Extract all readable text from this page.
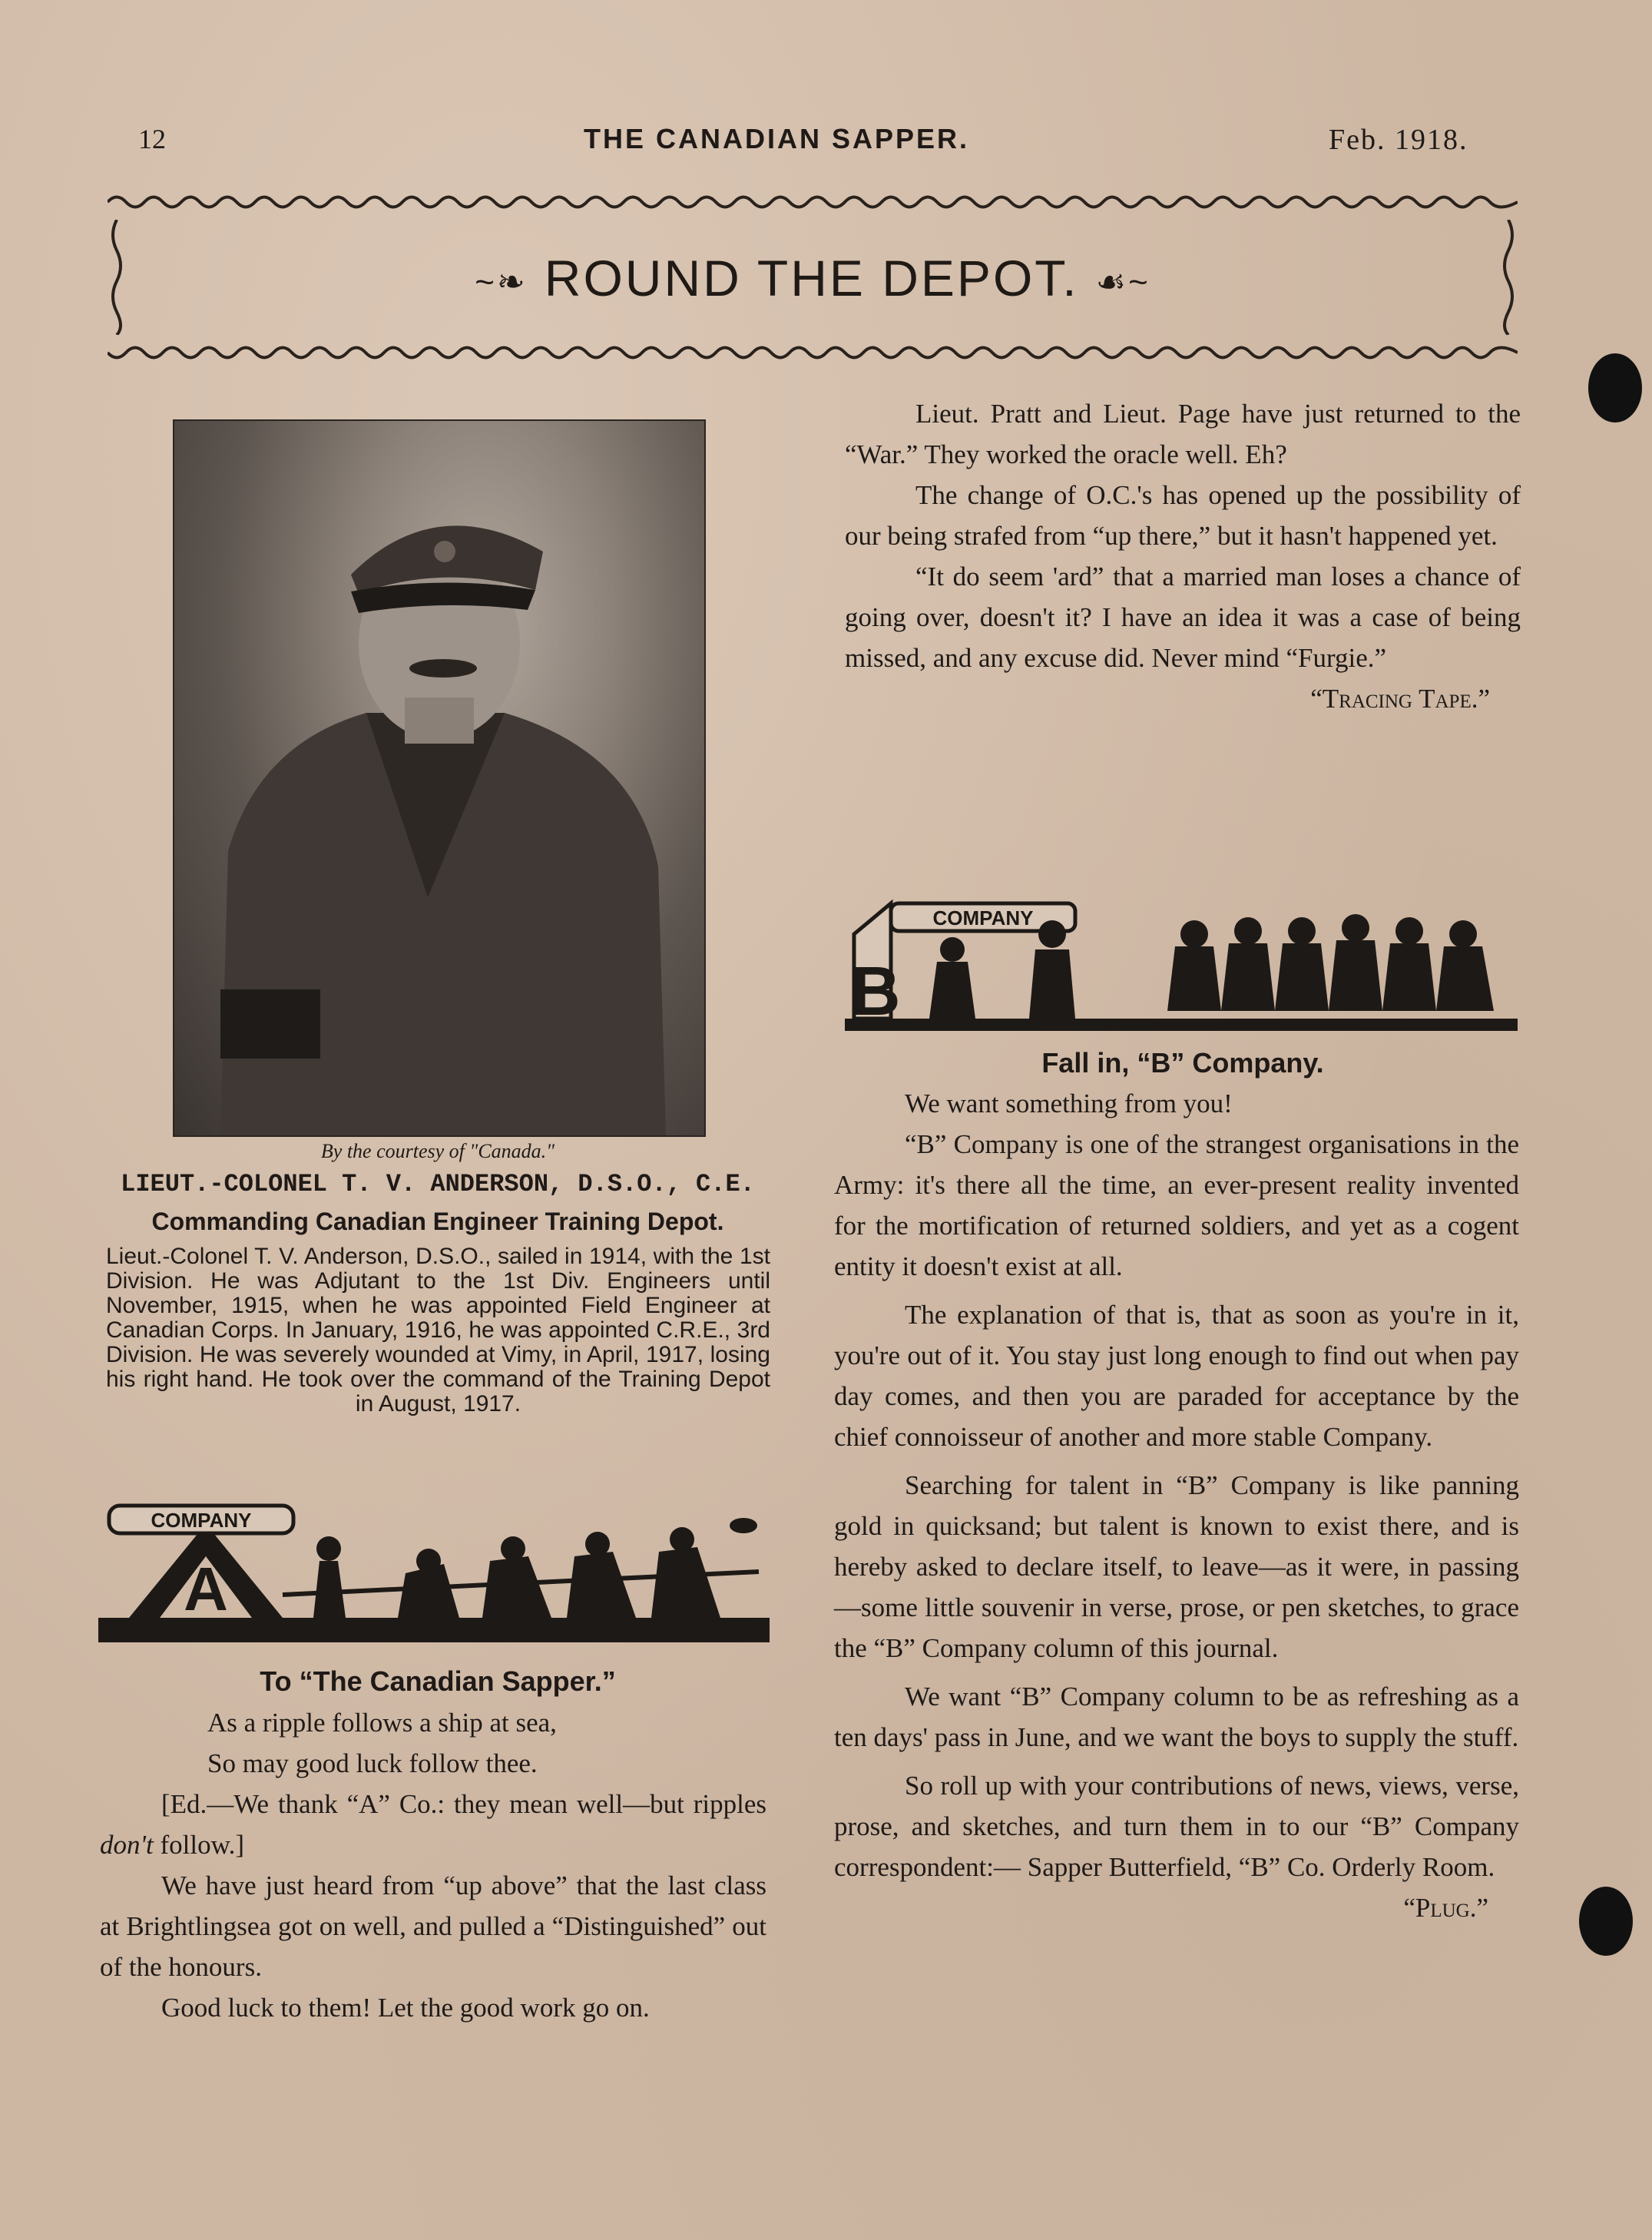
12	THE CANADIAN SAPPER.	Feb. 1918.
~❧ ROUND THE DEPOT. ☙~
By the courtesy of "Canada."
LIEUT.-COLONEL T. V. ANDERSON, D.S.O., C.E.
Commanding Canadian Engineer Training Depot.
Lieut.-Colonel T. V. Anderson, D.S.O., sailed in 1914, with the 1st Division. He was Adjutant to the 1st Div. Engineers until November, 1915, when he was appointed Field Engineer at Canadian Corps. In January, 1916, he was appointed C.R.E., 3rd Division. He was severely wounded at Vimy, in April, 1917, losing his right hand. He took over the command of the Training Depot in August, 1917.
COMPANY
A
To “The Canadian Sapper.”

As a ripple follows a ship at sea,

So may good luck follow thee.

[Ed.—We thank “A” Co.: they mean well—but ripples don't follow.]

We have just heard from “up above” that the last class at Brightlingsea got on well, and pulled a “Distinguished” out of the honours.

Good luck to them! Let the good work go on.

Lieut. Pratt and Lieut. Page have just returned to the “War.” They worked the oracle well. Eh?

The change of O.C.'s has opened up the possibility of our being strafed from “up there,” but it hasn't happened yet.

“It do seem 'ard” that a married man loses a chance of going over, doesn't it? I have an idea it was a case of being missed, and any excuse did. Never mind “Furgie.”

“Tracing Tape.”

COMPANY
B
Fall in, “B” Company.

We want something from you!

“B” Company is one of the strangest organisations in the Army: it's there all the time, an ever-present reality invented for the mortification of returned soldiers, and yet as a cogent entity it doesn't exist at all.

The explanation of that is, that as soon as you're in it, you're out of it. You stay just long enough to find out when pay day comes, and then you are paraded for acceptance by the chief connoisseur of another and more stable Company.

Searching for talent in “B” Company is like panning gold in quicksand; but talent is known to exist there, and is hereby asked to declare itself, to leave—as it were, in passing—some little souvenir in verse, prose, or pen sketches, to grace the “B” Company column of this journal.

We want “B” Company column to be as refreshing as a ten days' pass in June, and we want the boys to supply the stuff.

So roll up with your contributions of news, views, verse, prose, and sketches, and turn them in to our “B” Company correspondent:— Sapper Butterfield, “B” Co. Orderly Room.

“Plug.”
